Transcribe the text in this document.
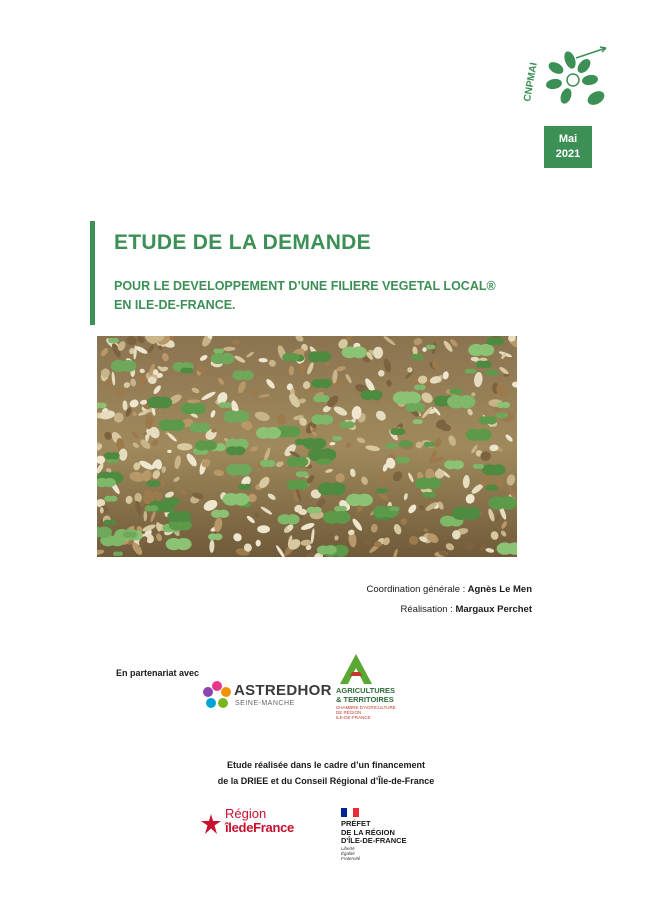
CNPMAI
Mai
2021
ETUDE DE LA DEMANDE
POUR LE DEVELOPPEMENT D’UNE FILIERE VEGETAL LOCAL®
EN ILE-DE-FRANCE.
Coordination générale : Agnès Le Men
Réalisation : Margaux Perchet
En partenariat avec
ASTREDHOR
SEINE-MANCHE
AGRICULTURES
& TERRITOIRES
CHAMBRE D'AGRICULTURE
DE RÉGION
ILE-DE-FRANCE
Etude réalisée dans le cadre d’un financement
de la DRIEE et du Conseil Régional d’Île-de-France
Région
îledeFrance	PRÉFET
DE LA RÉGION
D'ÎLE-DE-FRANCE
Liberté
Égalité
Fraternité
